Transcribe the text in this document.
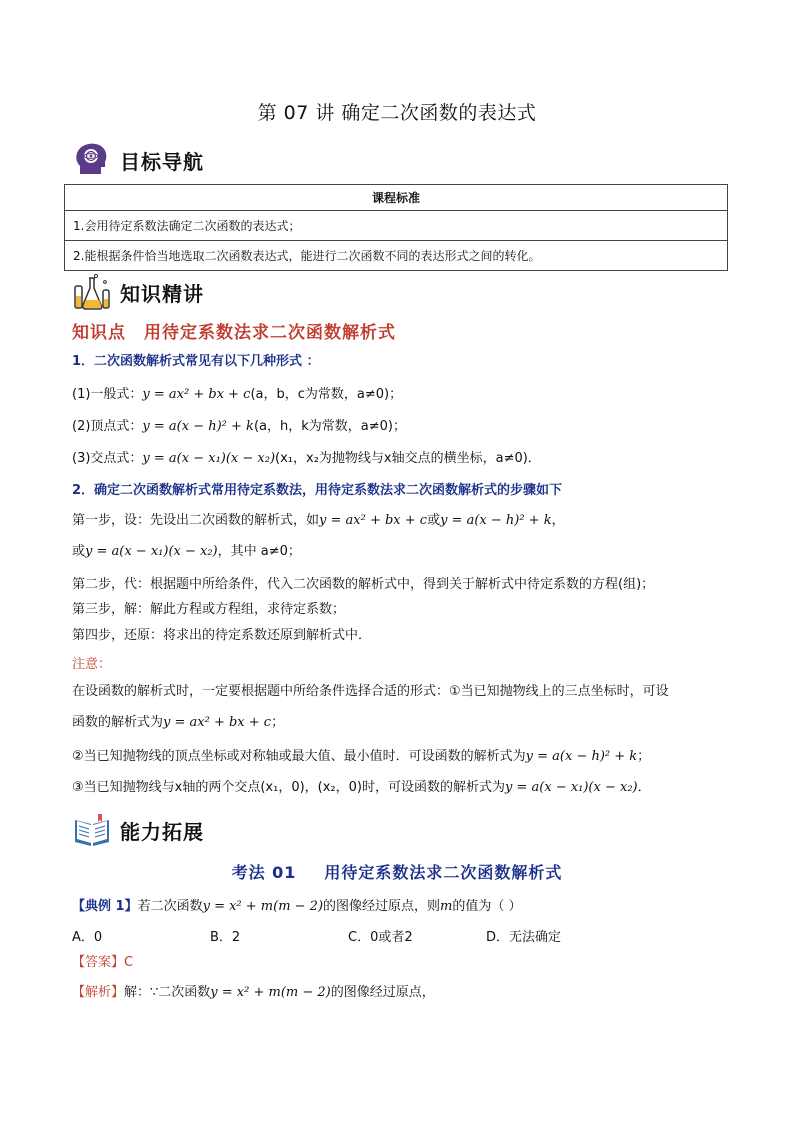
第 07 讲 确定二次函数的表达式
目标导航
课程标准
1.会用待定系数法确定二次函数的表达式；
2.能根据条件恰当地选取二次函数表达式，能进行二次函数不同的表达形式之间的转化。
知识精讲
知识点 用待定系数法求二次函数解析式
1．二次函数解析式常见有以下几种形式 ：
(1)一般式：y = ax² + bx + c(a，b，c为常数，a≠0)；
(2)顶点式：y = a(x − h)² + k(a，h，k为常数，a≠0)；
(3)交点式：y = a(x − x₁)(x − x₂)(x₁，x₂为抛物线与x轴交点的横坐标，a≠0)．
2．确定二次函数解析式常用待定系数法，用待定系数法求二次函数解析式的步骤如下
第一步，设：先设出二次函数的解析式，如y = ax² + bx + c或y = a(x − h)² + k，
或y = a(x − x₁)(x − x₂)，其中 a≠0；
第二步，代：根据题中所给条件，代入二次函数的解析式中，得到关于解析式中待定系数的方程(组)；
第三步，解：解此方程或方程组，求待定系数；
第四步，还原：将求出的待定系数还原到解析式中．
注意：
在设函数的解析式时，一定要根据题中所给条件选择合适的形式：①当已知抛物线上的三点坐标时，可设
函数的解析式为y = ax² + bx + c；
②当已知抛物线的顶点坐标或对称轴或最大值、最小值时．可设函数的解析式为y = a(x − h)² + k；
③当已知抛物线与x轴的两个交点(x₁，0)，(x₂，0)时，可设函数的解析式为y = a(x − x₁)(x − x₂)．
能力拓展
考法 01 用待定系数法求二次函数解析式
【典例 1】若二次函数y = x² + m(m − 2)的图像经过原点，则m的值为（ ）
A．0	B．2	C．0或者2	D．无法确定
【答案】C
【解析】解：∵二次函数y = x² + m(m − 2)的图像经过原点，
